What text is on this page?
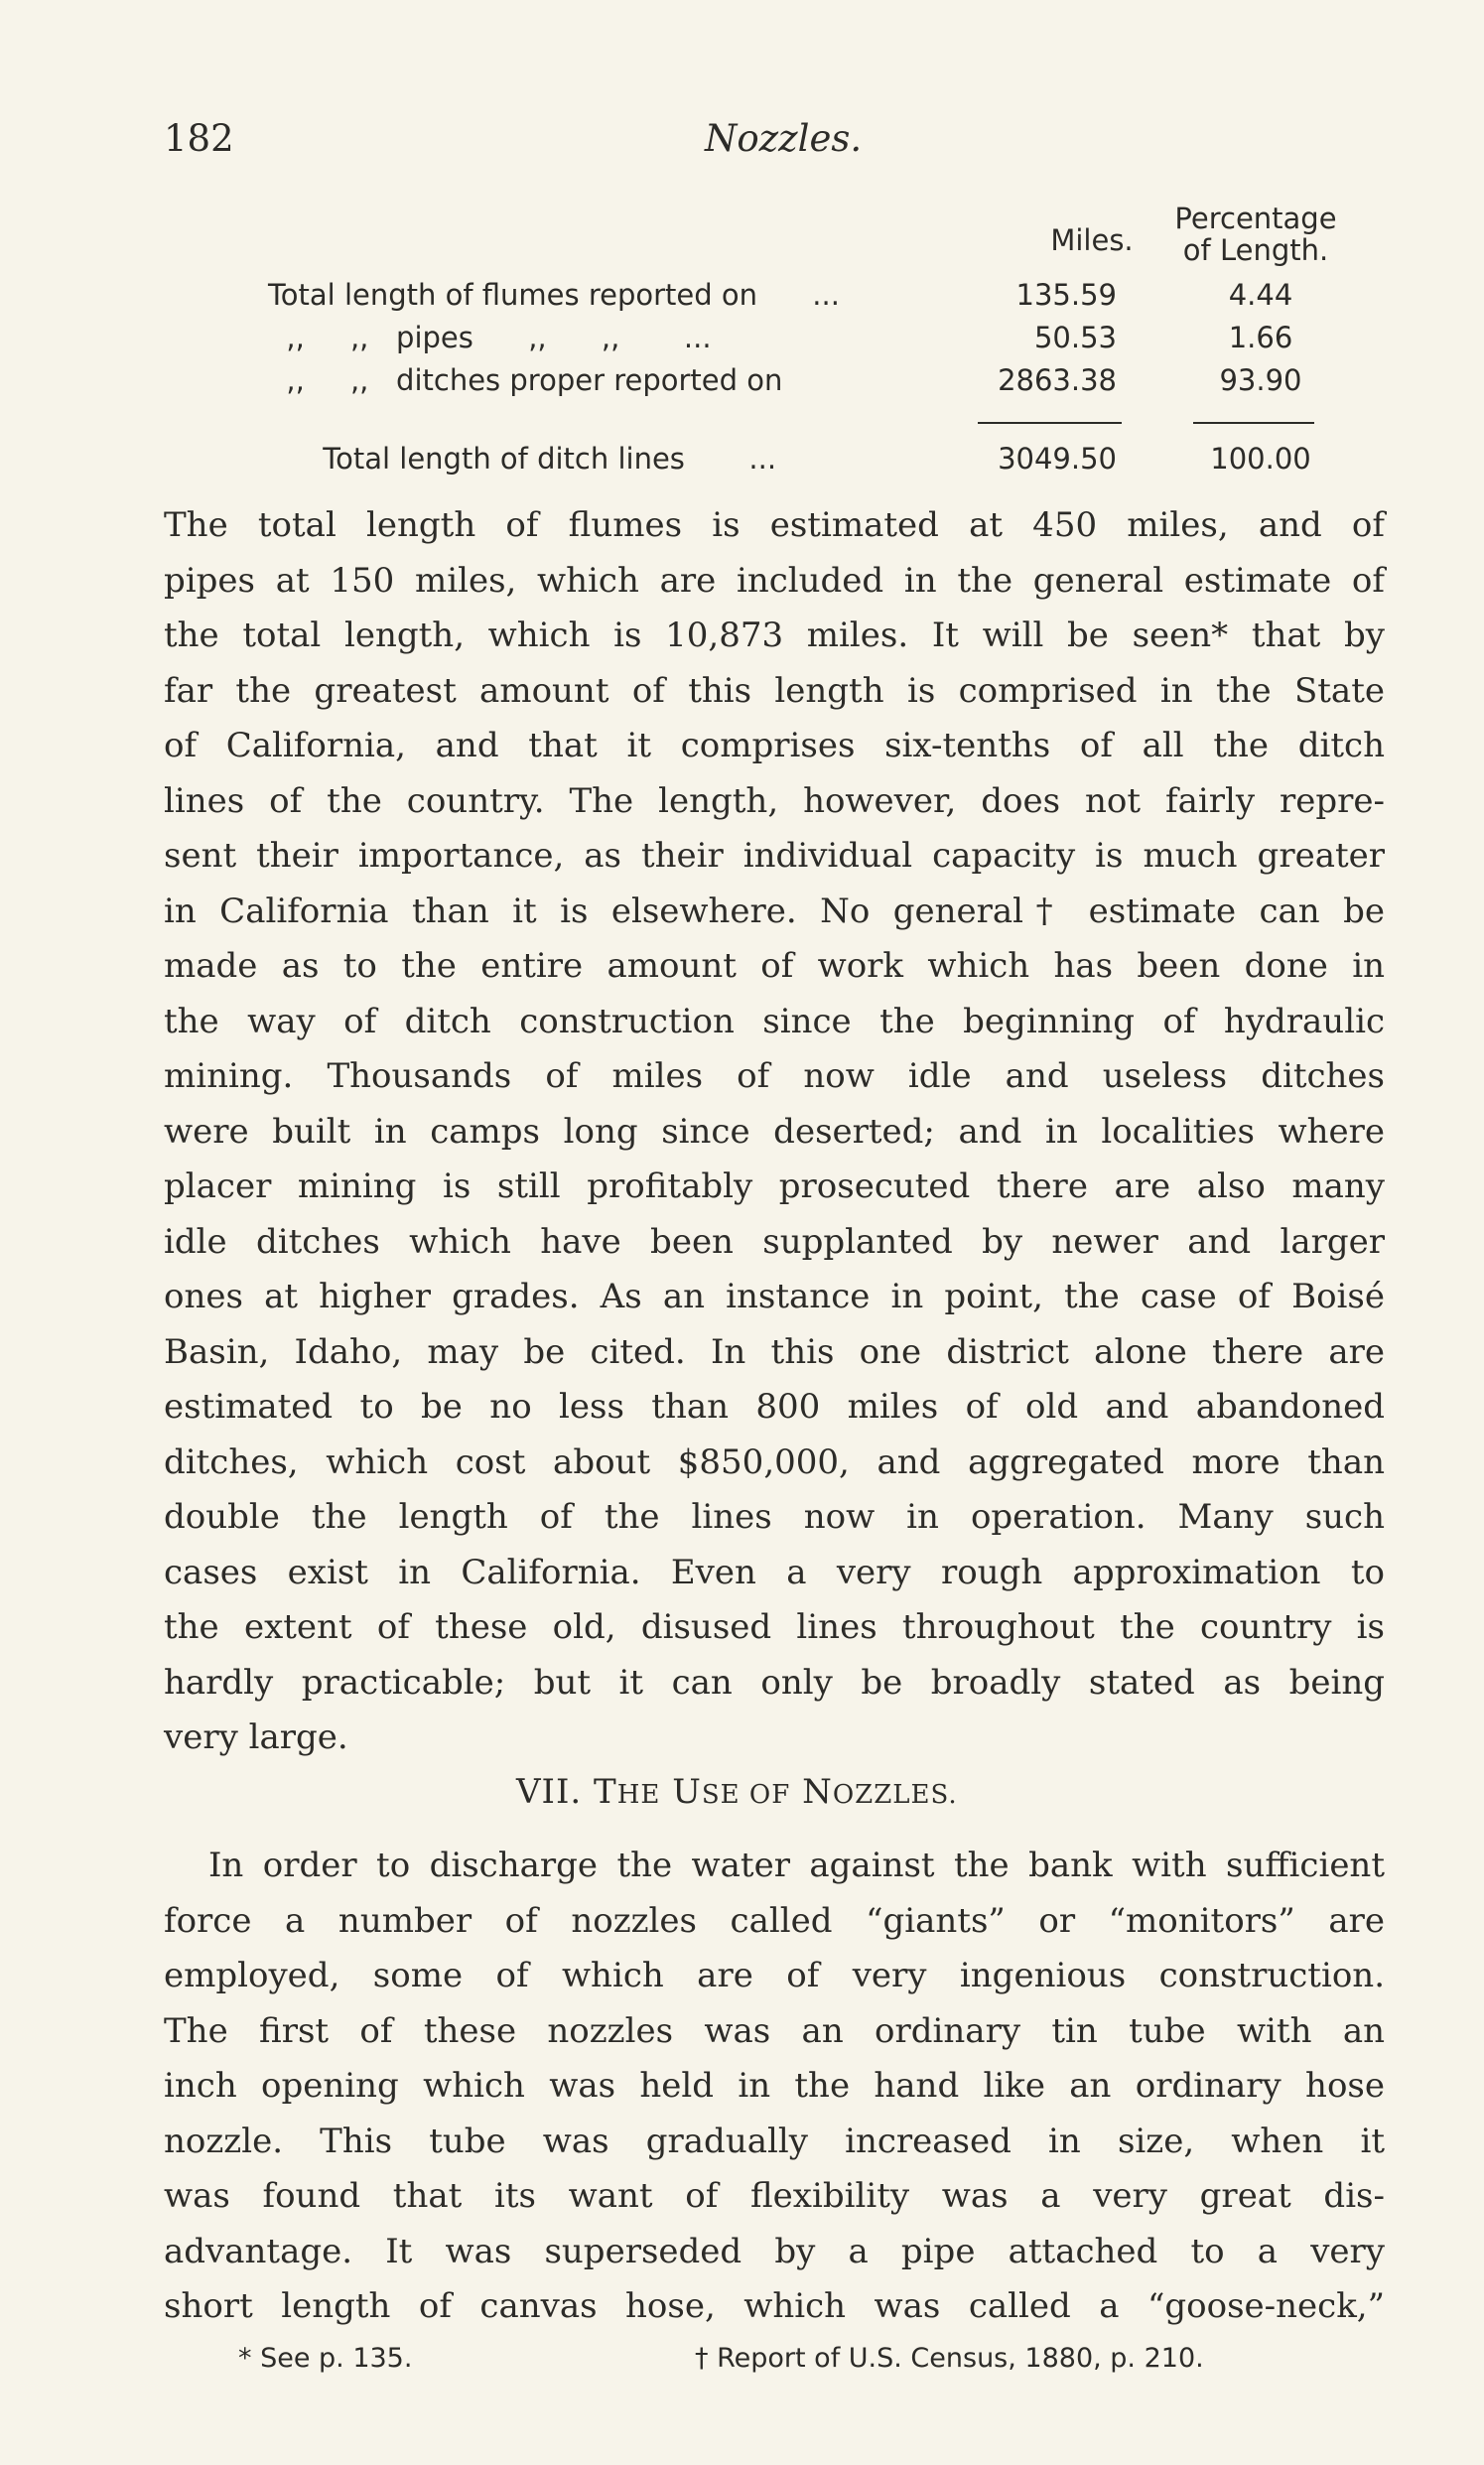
182	Nozzles.
Miles.
Percentage
of Length.
Total length of flumes reported on      ...	135.59	4.44
,,     ,,   pipes      ,,      ,,       ...	50.53	1.66
,,     ,,   ditches proper reported on	2863.38	93.90
Total length of ditch lines       ...	3049.50	100.00
The total length of flumes is estimated at 450 miles, and of
pipes at 150 miles, which are included in the general estimate of
the total length, which is 10,873 miles. It will be seen* that by
far the greatest amount of this length is comprised in the State
of California, and that it comprises six-tenths of all the ditch
lines of the country. The length, however, does not fairly repre-
sent their importance, as their individual capacity is much greater
in California than it is elsewhere. No general† estimate can be
made as to the entire amount of work which has been done in
the way of ditch construction since the beginning of hydraulic
mining. Thousands of miles of now idle and useless ditches
were built in camps long since deserted; and in localities where
placer mining is still profitably prosecuted there are also many
idle ditches which have been supplanted by newer and larger
ones at higher grades. As an instance in point, the case of Boisé
Basin, Idaho, may be cited. In this one district alone there are
estimated to be no less than 800 miles of old and abandoned
ditches, which cost about $850,000, and aggregated more than
double the length of the lines now in operation. Many such
cases exist in California. Even a very rough approximation to
the extent of these old, disused lines throughout the country is
hardly practicable; but it can only be broadly stated as being
very large.
VII. THE USE OF NOZZLES.
In order to discharge the water against the bank with sufficient
force a number of nozzles called “giants” or “monitors” are
employed, some of which are of very ingenious construction.
The first of these nozzles was an ordinary tin tube with an
inch opening which was held in the hand like an ordinary hose
nozzle. This tube was gradually increased in size, when it
was found that its want of flexibility was a very great dis-
advantage. It was superseded by a pipe attached to a very
short length of canvas hose, which was called a “goose-neck,”
* See p. 135.	† Report of U.S. Census, 1880, p. 210.
